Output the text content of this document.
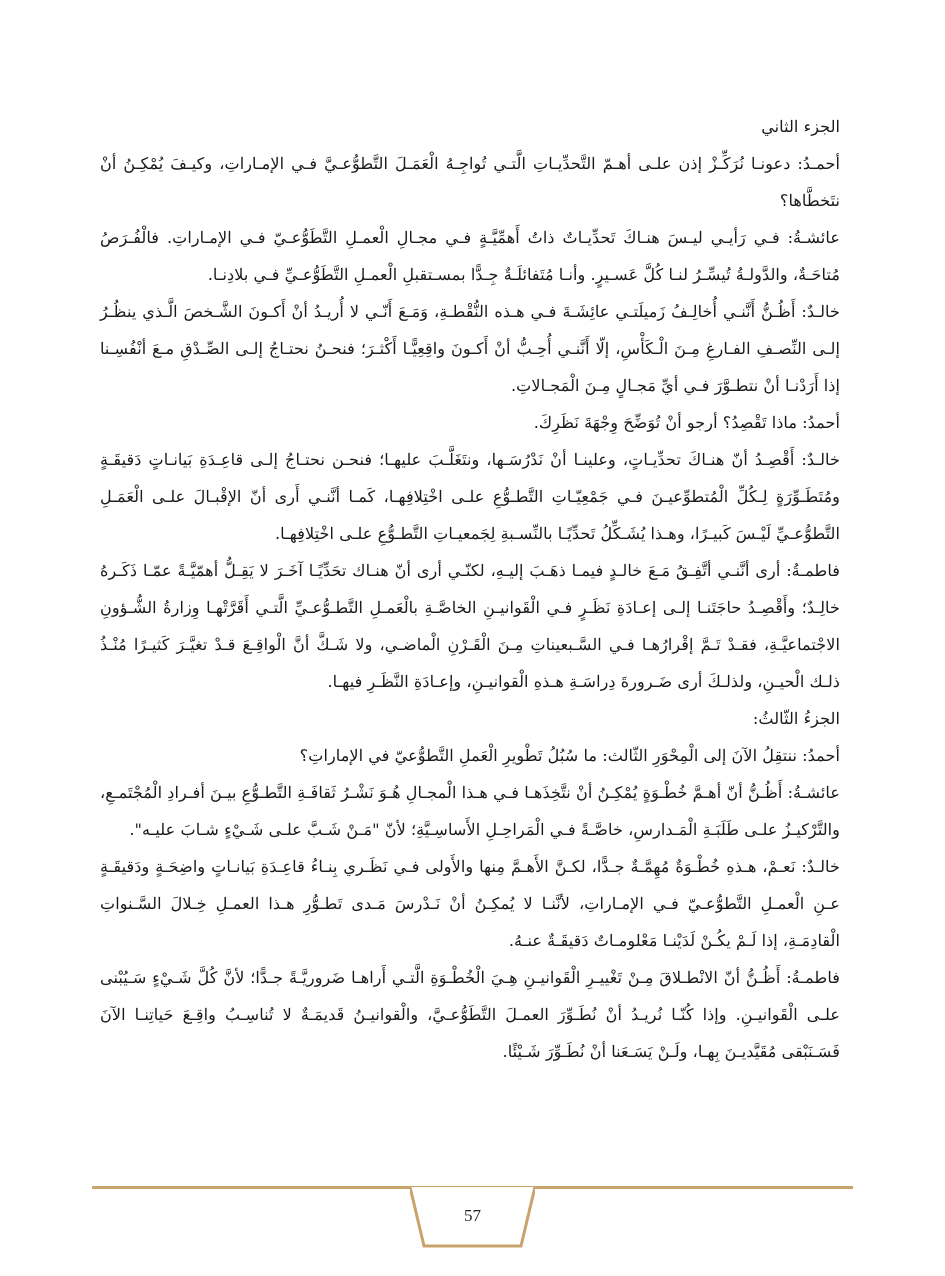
الجزء الثاني

أحمـدُ: دعونـا نُرَكِّـزْ إذن علـى أهـمّ التَّحدِّيـاتِ الَّتـي تُواجِـهُ الْعَمَـلَ التَّطوُّعـيَّ فـي الإمـاراتِ، وكيـفَ يُمْكِـنُ أنْ نتَخطَّاها؟

عائشـةُ: فـي رَأيـي ليـسَ هنـاكَ تَحدِّيـاتٌ ذاتُ أَهمِّيَّـةٍ فـي مجـالِ الْعمـلِ التَّطَوُّعـيّ فـي الإمـاراتِ. فالْفُـرَصُ مُتاحَـةٌ، والدَّولـةُ تُيسِّـرُ لنـا كُلَّ عَسـيرٍ. وأنـا مُتَفائلَـةٌ جِـدًّا بمسـتقبلِ الْعمـلِ التَّطَوُّعـيِّ فـي بلادِنـا.

خالـدٌ: أَظُـنُّ أَنَّنـي أُخالِـفُ زَميلَتـي عائِشَـةَ فـي هـذه النُّقْطـةِ، وَمَـعَ أَنّـي لا أُريـدُ أنْ أَكـونَ الشَّـخصَ الَّـذي ينظُـرُ إلـى النِّصـفِ الفـارغِ مِـنَ الْـكَأْسِ، إلّا أَنَّنـي أُحِـبُّ أنْ أَكـونَ واقِعِيًّـا أَكْثـرَ؛ فنحـنُ نحتـاجُ إلـى الصِّـدْقِ مـعَ أنْفُسِـنا إذا أَرَدْنـا أنْ نتطـوَّرَ فـي أيِّ مَجـالٍ مِـنَ الْمَجـالاتِ.

أحمدُ: ماذا تَقْصِدُ؟ أرجو أنْ تُوَضِّحَ وِجْهَةَ نَظَرِكَ.

خالـدٌ: أَقْصِـدُ أنّ هنـاكَ تحدِّيـاتٍ، وعلينـا أنْ نَدْرُسَـها، ونتَغَلَّـبَ عليهـا؛ فنحـن نحتـاجُ إلـى قاعِـدَةِ بَيانـاتٍ دَقيقَـةٍ ومُتَطَـوِّرَةٍ لِـكُلِّ الْمُتطوِّعيـنَ فـي جَمْعِيّـاتِ التَّطـوُّعِ علـى اخْتِلافِهـا، كَمـا أنَّنـي أَرى أنّ الإقْبـالَ علـى الْعَمَـلِ التَّطوُّعـيِّ لَيْـسَ كَبيـرًا، وهـذا يُشَـكِّلُ تَحدِّيًـا بالنِّسـبةِ لِجَمعيـاتِ التَّطـوُّعِ علـى اخْتِلافِهـا.

فاطمـةُ: أرى أنَّنـي أتَّفِـقُ مَـعَ خالـدٍ فيمـا ذهَـبَ إليـهِ، لكنّـي أرى أنّ هنـاك تحَدِّيًـا آخَـرَ لا يَقِـلُّ أهمّيَّـةً عمّـا ذَكَـرهُ خالِـدٌ؛ وأَقْصِـدُ حاجَتَنـا إلـى إعـادَةِ نَظَـرٍ فـي الْقَوانيـنِ الخاصَّـةِ بالْعَمـلِ التَّطـوُّعـيِّ الَّتـي أَقَرَّتْهـا وِزارةُ الشُّـؤونِ الاجْتماعيَّـةِ، فقـدْ تَـمَّ إقْرارُهـا فـي السَّـبعيناتِ مِـنَ الْقَـرْنِ الْماضـي، ولا شَـكَّ أنَّ الْواقِـعَ قـدْ تغيَّـرَ كَثيـرًا مُنْـذُ ذلـك الْحيـنِ، ولذلـكَ أرى ضَـرورةَ دِراسَـةِ هـذهِ الْقوانيـنِ، وإعـادَةِ النَّظَـرِ فيهـا.

الجزءُ الثّالثُ:

أحمدُ: ننتقِلُ الآنَ إلى الْمِحْوَرِ الثّالث: ما سُبُلُ تَطْويرِ الْعَملِ التَّطوُّعيّ في الإماراتِ؟

عائشـةُ: أَظُـنُّ أنّ أهـمَّ خُطْـوَةٍ يُمْكِـنُ أنْ نتَّخِذَهـا فـي هـذا الْمجـالِ هُـوَ نَشْـرُ ثَقافَـةِ التَّطـوُّعِ بيـنَ أفـرادِ الْمُجْتَمـعِ، والتَّرْكيـزُ علـى طَلَبَـةِ الْمَـدارسِ، خاصَّـةً فـي الْمَراحِـلِ الأَساسِـيَّةِ؛ لأنّ "مَـنْ شَـبَّ علـى شَـيْءٍ شـابَ عليـه".

خالـدٌ: نَعـمْ، هـذهِ خُطْـوَةٌ مُهِمَّـةٌ جـدًّا، لكـنَّ الأَهـمَّ مِنها والأَولى فـي نَظَـري بِنـاءُ قاعِـدَةِ بَيانـاتٍ واضِحَـةٍ ودَقيقَـةٍ عـنِ الْعمـلِ التَّطوُّعـيّ فـي الإمـاراتِ، لأنَّنـا لا يُمكِـنُ أنْ نَـدْرسَ مَـدى تَطـوُّرِ هـذا العمـلِ خِـلالَ السَّـنواتِ الْقادِمَـةِ، إذا لَـمْ يكُـنْ لَدَيْنـا مَعْلومـاتٌ دَقيقَـةٌ عنـهُ.

فاطمـةُ: أَظُـنُّ أنّ الانْطـلاقَ مِـنْ تَغْييـرِ الْقَوانيـنِ هِـيَ الْخُطْـوَةِ الَّتـي أَراهـا ضَروريَّـةً جـدًّا؛ لأنَّ كُلَّ شَـيْءٍ سَـيُبْنى علـى الْقَوانيـنِ. وإذا كُنّـا نُريـدُ أنْ نُطَـوِّرَ العمـلَ التَّطَوُّعـيَّ، والْقوانيـنُ قَديمَـةٌ لا تُناسِـبُ واقِـعَ حَياتِنـا الآنَ فَسَـنَبْقى مُقَيَّديـنَ بِهـا، ولَـنْ يَسَـعَنا أنْ نُطَـوِّرَ شَـيْئًا.

57
